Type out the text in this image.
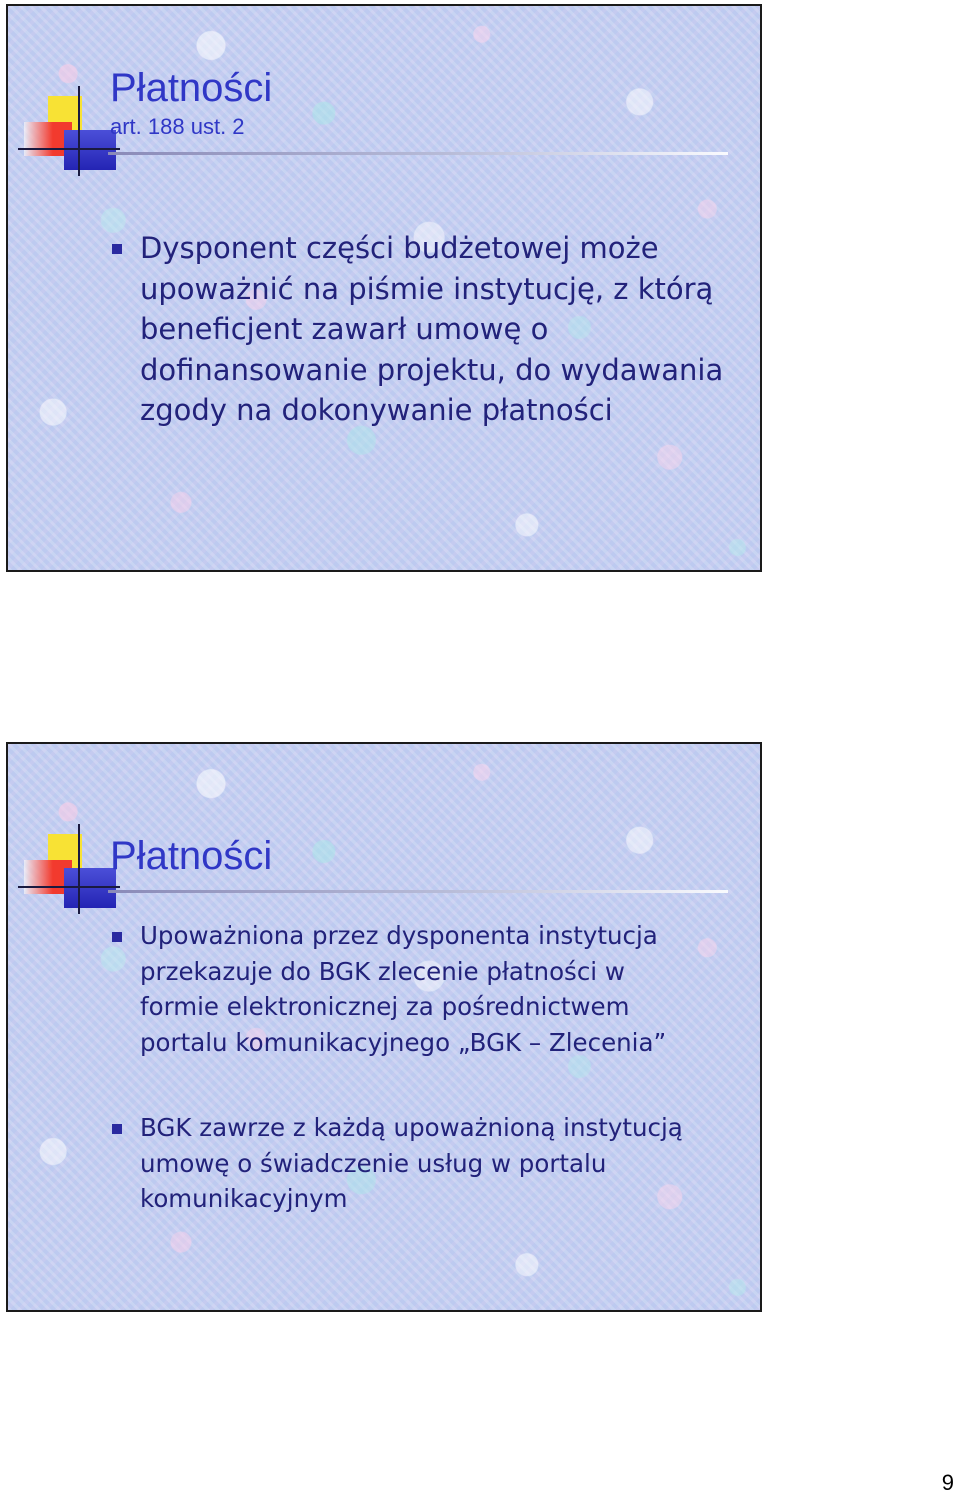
Płatności
art. 188 ust. 2
Dysponent części budżetowej może
upoważnić na piśmie instytucję, z którą
beneficjent zawarł umowę o
dofinansowanie projektu, do wydawania
zgody na dokonywanie płatności
Płatności
Upoważniona przez dysponenta instytucja
przekazuje do BGK zlecenie płatności w
formie elektronicznej za pośrednictwem
portalu komunikacyjnego „BGK – Zlecenia”
BGK zawrze z każdą upoważnioną instytucją
umowę o świadczenie usług w portalu
komunikacyjnym
9
